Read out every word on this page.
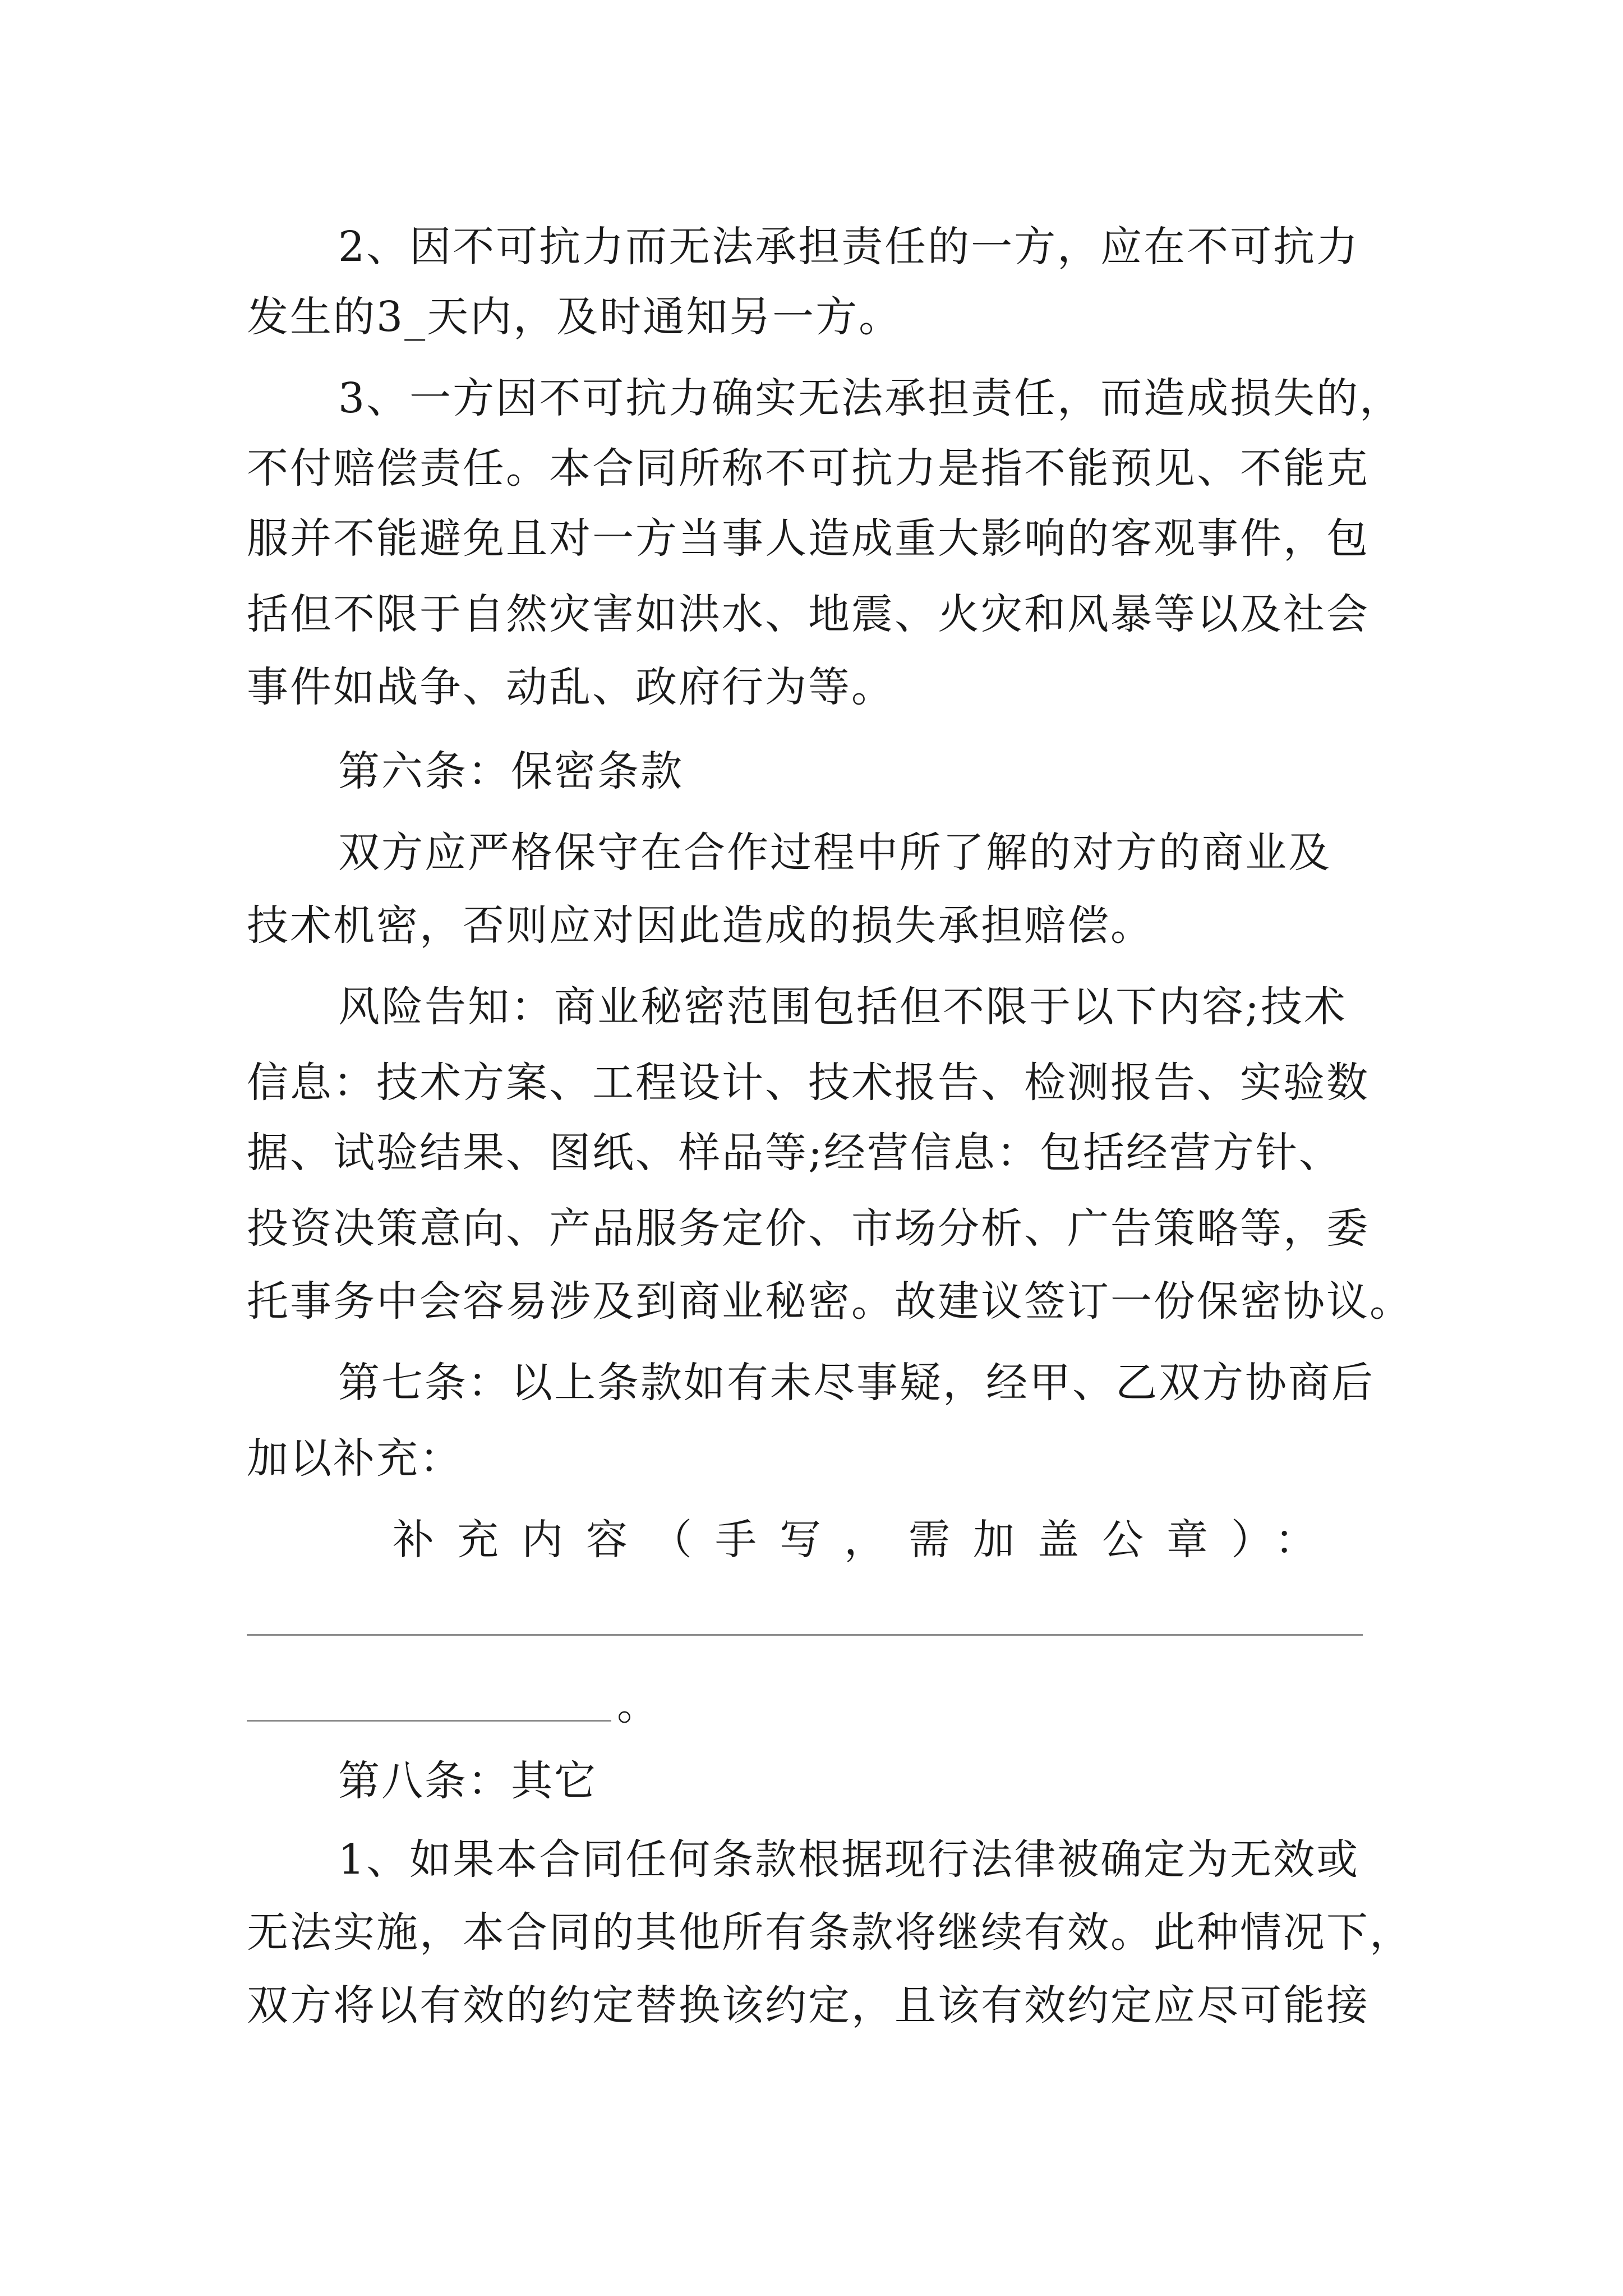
2、因不可抗力而无法承担责任的一方，应在不可抗力
发生的3_天内，及时通知另一方。
3、一方因不可抗力确实无法承担责任，而造成损失的，
不付赔偿责任。本合同所称不可抗力是指不能预见、不能克
服并不能避免且对一方当事人造成重大影响的客观事件，包
括但不限于自然灾害如洪水、地震、火灾和风暴等以及社会
事件如战争、动乱、政府行为等。
第六条：保密条款
双方应严格保守在合作过程中所了解的对方的商业及
技术机密，否则应对因此造成的损失承担赔偿。
风险告知：商业秘密范围包括但不限于以下内容;技术
信息：技术方案、工程设计、技术报告、检测报告、实验数
据、试验结果、图纸、样品等;经营信息：包括经营方针、
投资决策意向、产品服务定价、市场分析、广告策略等，委
托事务中会容易涉及到商业秘密。故建议签订一份保密协议。
第七条：以上条款如有未尽事疑，经甲、乙双方协商后
加以补充：
补充内容（手写，需加盖公章）：
。
第八条：其它
1、如果本合同任何条款根据现行法律被确定为无效或
无法实施，本合同的其他所有条款将继续有效。此种情况下，
双方将以有效的约定替换该约定，且该有效约定应尽可能接
